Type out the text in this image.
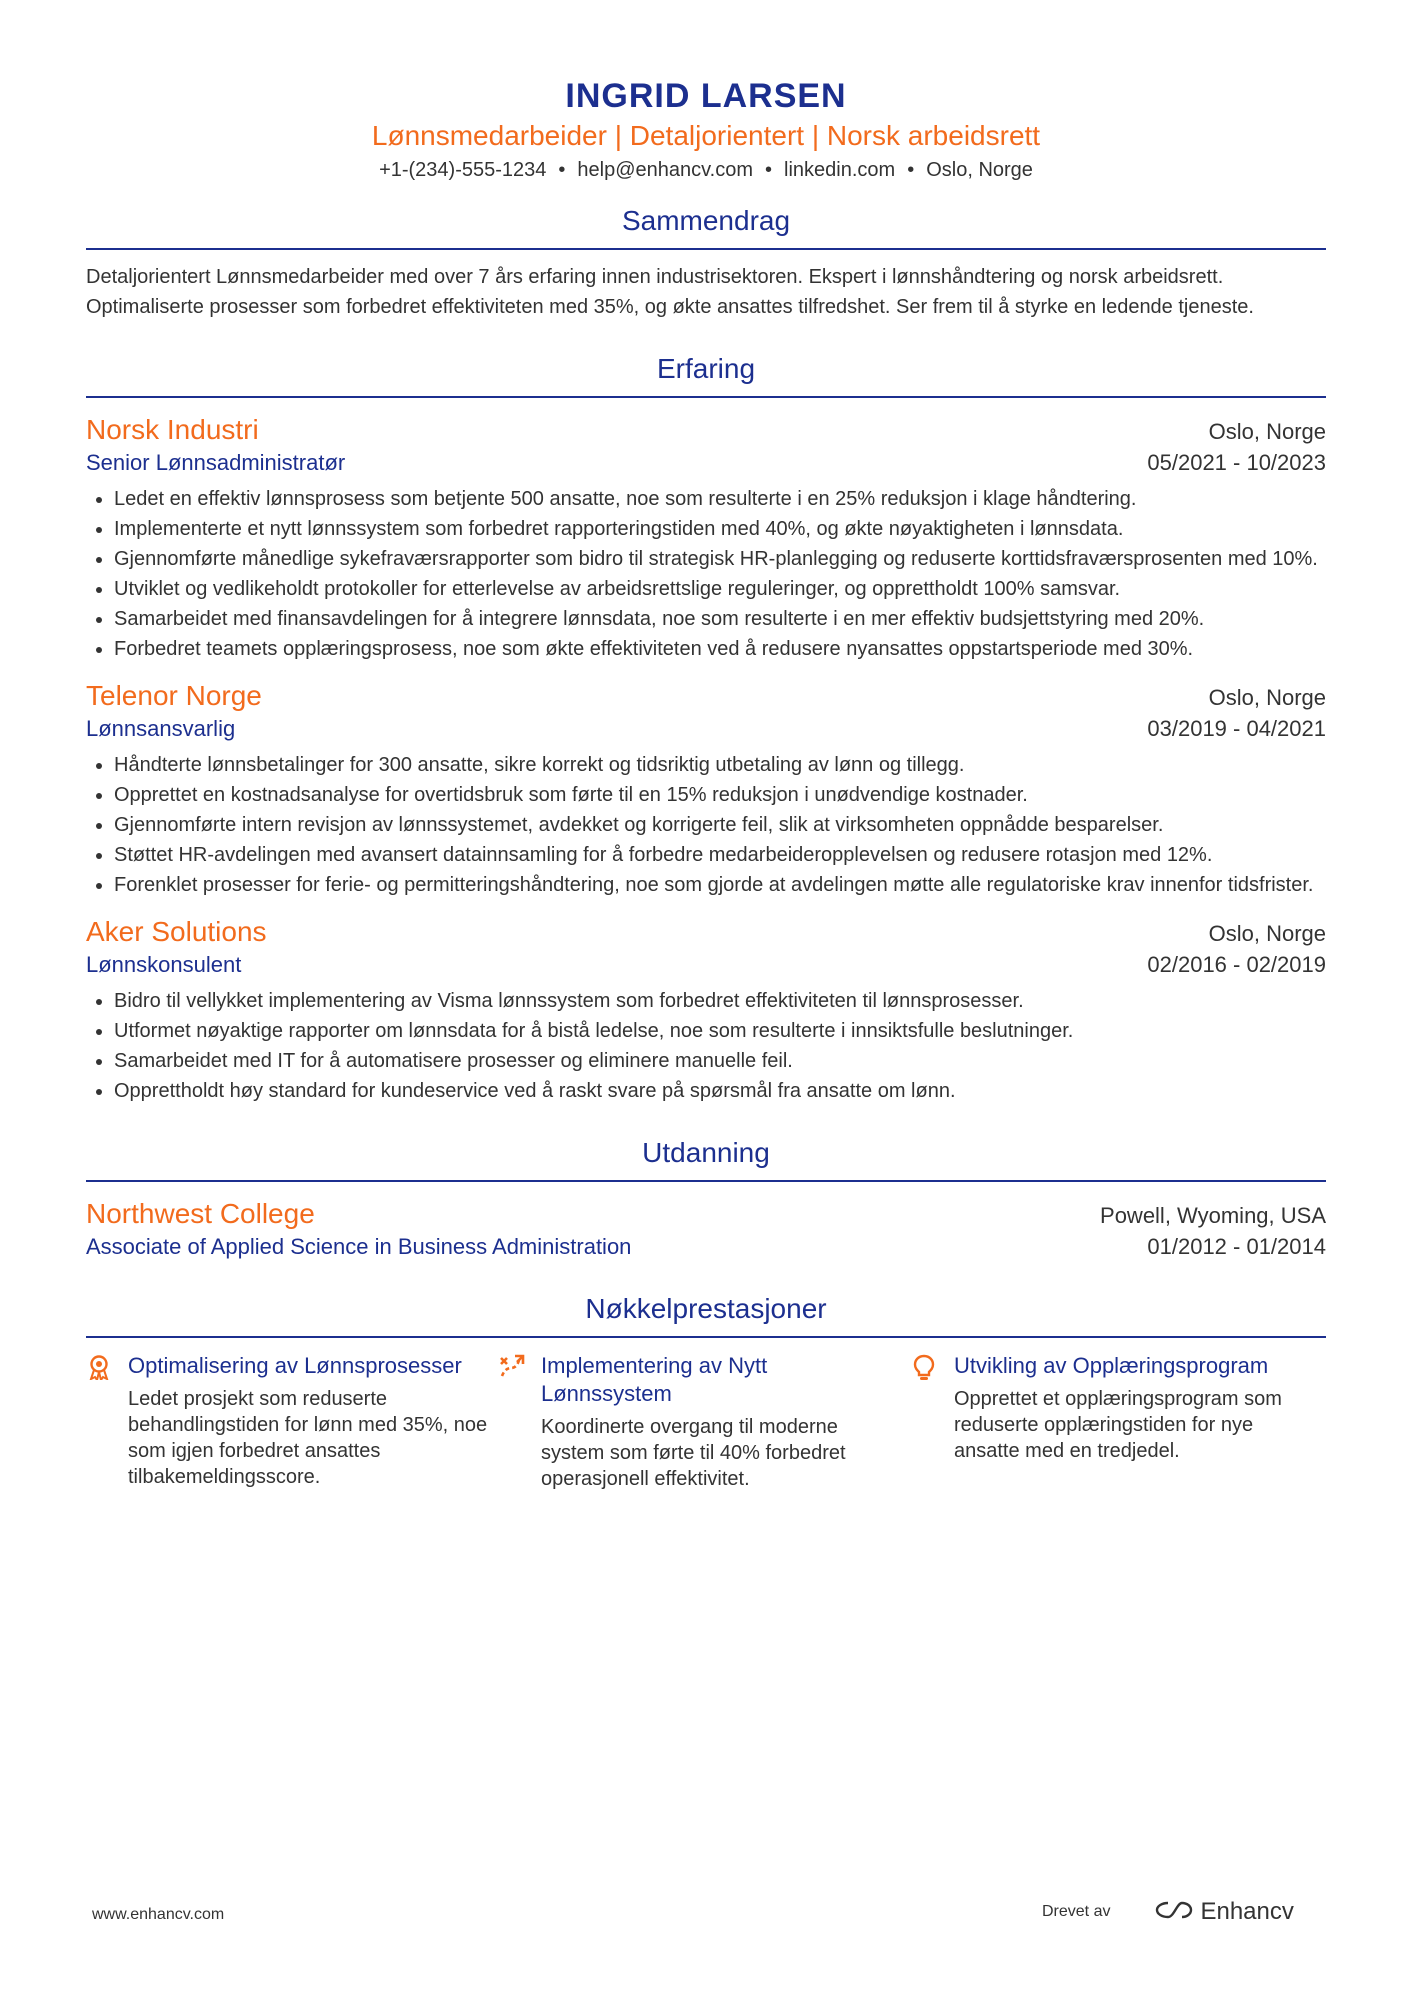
INGRID LARSEN
Lønnsmedarbeider | Detaljorientert | Norsk arbeidsrett
+1-(234)-555-1234 • help@enhancv.com • linkedin.com • Oslo, Norge
Sammendrag
Detaljorientert Lønnsmedarbeider med over 7 års erfaring innen industrisektoren. Ekspert i lønnshåndtering og norsk arbeidsrett. Optimaliserte prosesser som forbedret effektiviteten med 35%, og økte ansattes tilfredshet. Ser frem til å styrke en ledende tjeneste.
Erfaring
Norsk Industri	Oslo, Norge
Senior Lønnsadministratør	05/2021 - 10/2023
• Ledet en effektiv lønnsprosess som betjente 500 ansatte, noe som resulterte i en 25% reduksjon i klage håndtering.
• Implementerte et nytt lønnssystem som forbedret rapporteringstiden med 40%, og økte nøyaktigheten i lønnsdata.
• Gjennomførte månedlige sykefraværsrapporter som bidro til strategisk HR-planlegging og reduserte korttidsfraværsprosenten med 10%.
• Utviklet og vedlikeholdt protokoller for etterlevelse av arbeidsrettslige reguleringer, og opprettholdt 100% samsvar.
• Samarbeidet med finansavdelingen for å integrere lønnsdata, noe som resulterte i en mer effektiv budsjettstyring med 20%.
• Forbedret teamets opplæringsprosess, noe som økte effektiviteten ved å redusere nyansattes oppstartsperiode med 30%.
Telenor Norge	Oslo, Norge
Lønnsansvarlig	03/2019 - 04/2021
• Håndterte lønnsbetalinger for 300 ansatte, sikre korrekt og tidsriktig utbetaling av lønn og tillegg.
• Opprettet en kostnadsanalyse for overtidsbruk som førte til en 15% reduksjon i unødvendige kostnader.
• Gjennomførte intern revisjon av lønnssystemet, avdekket og korrigerte feil, slik at virksomheten oppnådde besparelser.
• Støttet HR-avdelingen med avansert datainnsamling for å forbedre medarbeideropplevelsen og redusere rotasjon med 12%.
• Forenklet prosesser for ferie- og permitteringshåndtering, noe som gjorde at avdelingen møtte alle regulatoriske krav innenfor tidsfrister.
Aker Solutions	Oslo, Norge
Lønnskonsulent	02/2016 - 02/2019
• Bidro til vellykket implementering av Visma lønnssystem som forbedret effektiviteten til lønnsprosesser.
• Utformet nøyaktige rapporter om lønnsdata for å bistå ledelse, noe som resulterte i innsiktsfulle beslutninger.
• Samarbeidet med IT for å automatisere prosesser og eliminere manuelle feil.
• Opprettholdt høy standard for kundeservice ved å raskt svare på spørsmål fra ansatte om lønn.
Utdanning
Northwest College	Powell, Wyoming, USA
Associate of Applied Science in Business Administration	01/2012 - 01/2014
Nøkkelprestasjoner
Optimalisering av Lønnsprosesser
Ledet prosjekt som reduserte behandlingstiden for lønn med 35%, noe som igjen forbedret ansattes tilbakemeldingsscore.
Implementering av Nytt Lønnssystem
Koordinerte overgang til moderne system som førte til 40% forbedret operasjonell effektivitet.
Utvikling av Opplæringsprogram
Opprettet et opplæringsprogram som reduserte opplæringstiden for nye ansatte med en tredjedel.
www.enhancv.com	Drevet av	Enhancv
